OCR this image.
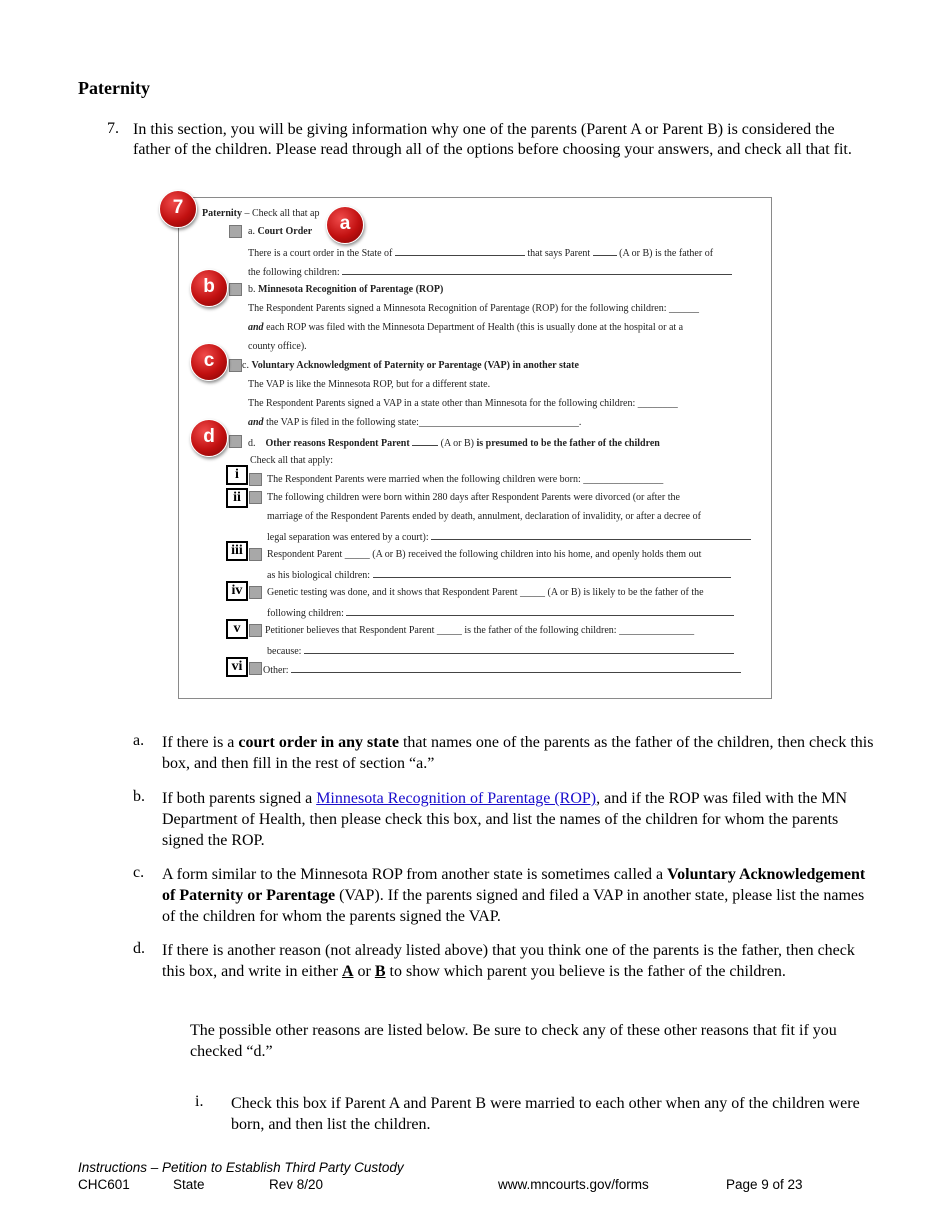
Paternity
7. In this section, you will be giving information why one of the parents (Parent A or Parent B) is considered the father of the children. Please read through all of the options before choosing your answers, and check all that fit.
Paternity – Check all that ap
a. Court Order
There is a court order in the State of	that says Parent  (A or B) is the father of
the following children:
b. Minnesota Recognition of Parentage (ROP)
The Respondent Parents signed a Minnesota Recognition of Parentage (ROP) for the following children: ______
and each ROP was filed with the Minnesota Department of Health (this is usually done at the hospital or at a
county office).
c. Voluntary Acknowledgment of Paternity or Parentage (VAP) in another state
The VAP is like the Minnesota ROP, but for a different state.
The Respondent Parents signed a VAP in a state other than Minnesota for the following children: ________
and the VAP is filed in the following state:________________________________.
d.    Other reasons Respondent Parent	(A or B) is presumed to be the father of the children
Check all that apply:
i	The Respondent Parents were married when the following children were born: ________________
ii	The following children were born within 280 days after Respondent Parents were divorced (or after the
marriage of the Respondent Parents ended by death, annulment, declaration of invalidity, or after a decree of
legal separation was entered by a court):
iii	Respondent Parent _____ (A or B) received the following children into his home, and openly holds them out
as his biological children:
iv	Genetic testing was done, and it shows that Respondent Parent _____ (A or B) is likely to be the father of the
following children:
v	Petitioner believes that Respondent Parent _____ is the father of the following children: _______________
because:
vi	Other:
7
a
b
c
d
a. If there is a court order in any state that names one of the parents as the father of the children, then check this box, and then fill in the rest of section “a.”
b. If both parents signed a Minnesota Recognition of Parentage (ROP), and if the ROP was filed with the MN Department of Health, then please check this box, and list the names of the children for whom the parents signed the ROP.
c. A form similar to the Minnesota ROP from another state is sometimes called a Voluntary Acknowledgement of Paternity or Parentage (VAP). If the parents signed and filed a VAP in another state, please list the names of the children for whom the parents signed the VAP.
d. If there is another reason (not already listed above) that you think one of the parents is the father, then check this box, and write in either A or B to show which parent you believe is the father of the children.
The possible other reasons are listed below. Be sure to check any of these other reasons that fit if you checked “d.”
i. Check this box if Parent A and Parent B were married to each other when any of the children were born, and then list the children.
Instructions – Petition to Establish Third Party Custody
CHC601	State	Rev 8/20	www.mncourts.gov/forms	Page 9 of 23
